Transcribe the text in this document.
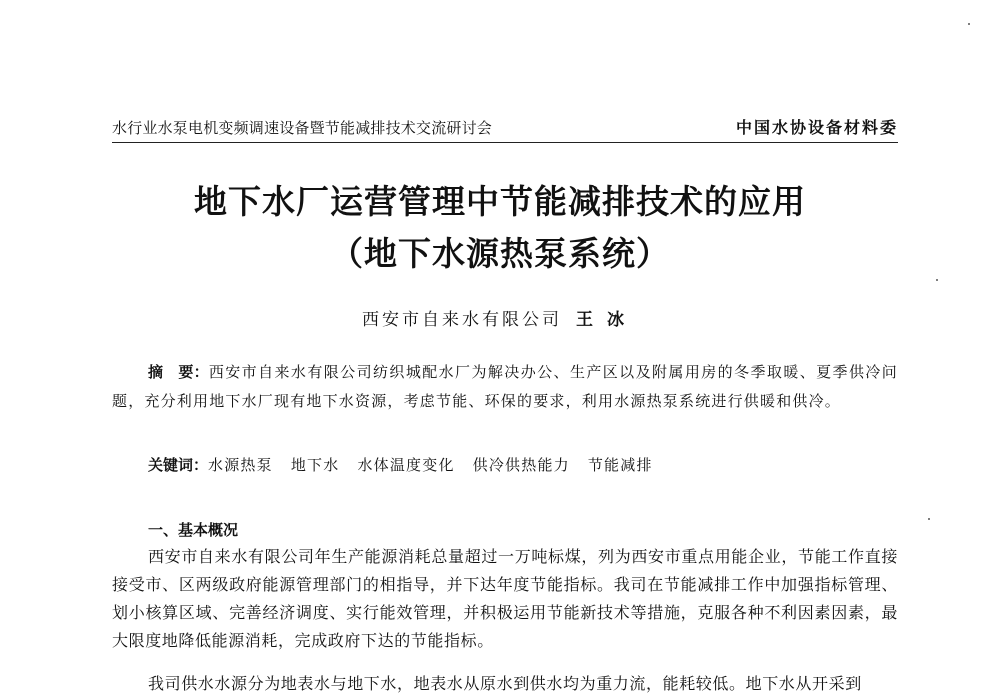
水行业水泵电机变频调速设备暨节能减排技术交流研讨会	中国水协设备材料委
地下水厂运营管理中节能减排技术的应用
（地下水源热泵系统）
西安市自来水有限公司 王冰
摘　要：西安市自来水有限公司纺织城配水厂为解决办公、生产区以及附属用房的冬季取暖、夏季供冷问题，充分利用地下水厂现有地下水资源，考虑节能、环保的要求，利用水源热泵系统进行供暖和供冷。
关键词：水源热泵 地下水 水体温度变化 供冷供热能力 节能减排
一、基本概况
西安市自来水有限公司年生产能源消耗总量超过一万吨标煤，列为西安市重点用能企业，节能工作直接接受市、区两级政府能源管理部门的相指导，并下达年度节能指标。我司在节能减排工作中加强指标管理、划小核算区域、完善经济调度、实行能效管理，并积极运用节能新技术等措施，克服各种不利因素因素，最大限度地降低能源消耗，完成政府下达的节能指标。
我司供水水源分为地表水与地下水，地表水从原水到供水均为重力流，能耗较低。地下水从开采到
